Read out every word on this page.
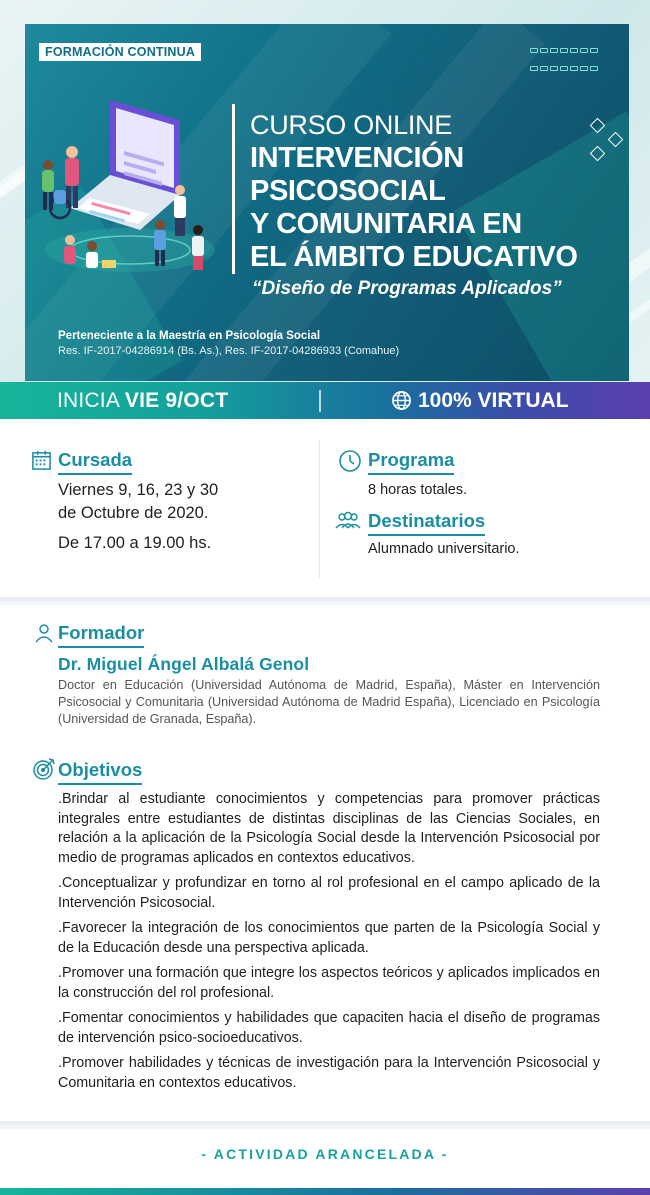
FORMACIÓN CONTINUA

CURSO ONLINE
INTERVENCIÓN
PSICOSOCIAL
Y COMUNITARIA EN
EL ÁMBITO EDUCATIVO
“Diseño de Programas Aplicados”
Perteneciente a la Maestría en Psicología Social
Res. IF-2017-04286914 (Bs. As.), Res. IF-2017-04286933 (Comahue)
INICIA VIE 9/OCT	100% VIRTUAL
Cursada
Viernes 9, 16, 23 y 30
de Octubre de 2020.
De 17.00 a 19.00 hs.
Programa
8 horas totales.
Destinatarios
Alumnado universitario.
Formador
Dr. Miguel Ángel Albalá Genol
Doctor en Educación (Universidad Autónoma de Madrid, España), Máster en Intervención Psicosocial y Comunitaria (Universidad Autónoma de Madrid España), Licenciado en Psicología (Universidad de Granada, España).
Objetivos
.Brindar al estudiante conocimientos y competencias para promover prácticas integrales entre estudiantes de distintas disciplinas de las Ciencias Sociales, en relación a la aplicación de la Psicología Social desde la Intervención Psicosocial por medio de programas aplicados en contextos educativos.
.Conceptualizar y profundizar en torno al rol profesional en el campo aplicado de la Intervención Psicosocial.
.Favorecer la integración de los conocimientos que parten de la Psicología Social y de la Educación desde una perspectiva aplicada.
.Promover una formación que integre los aspectos teóricos y aplicados implicados en la construcción del rol profesional.
.Fomentar conocimientos y habilidades que capaciten hacia el diseño de programas de intervención psico-socioeducativos.
.Promover habilidades y técnicas de investigación para la Intervención Psicosocial y Comunitaria en contextos educativos.
- ACTIVIDAD ARANCELADA -
